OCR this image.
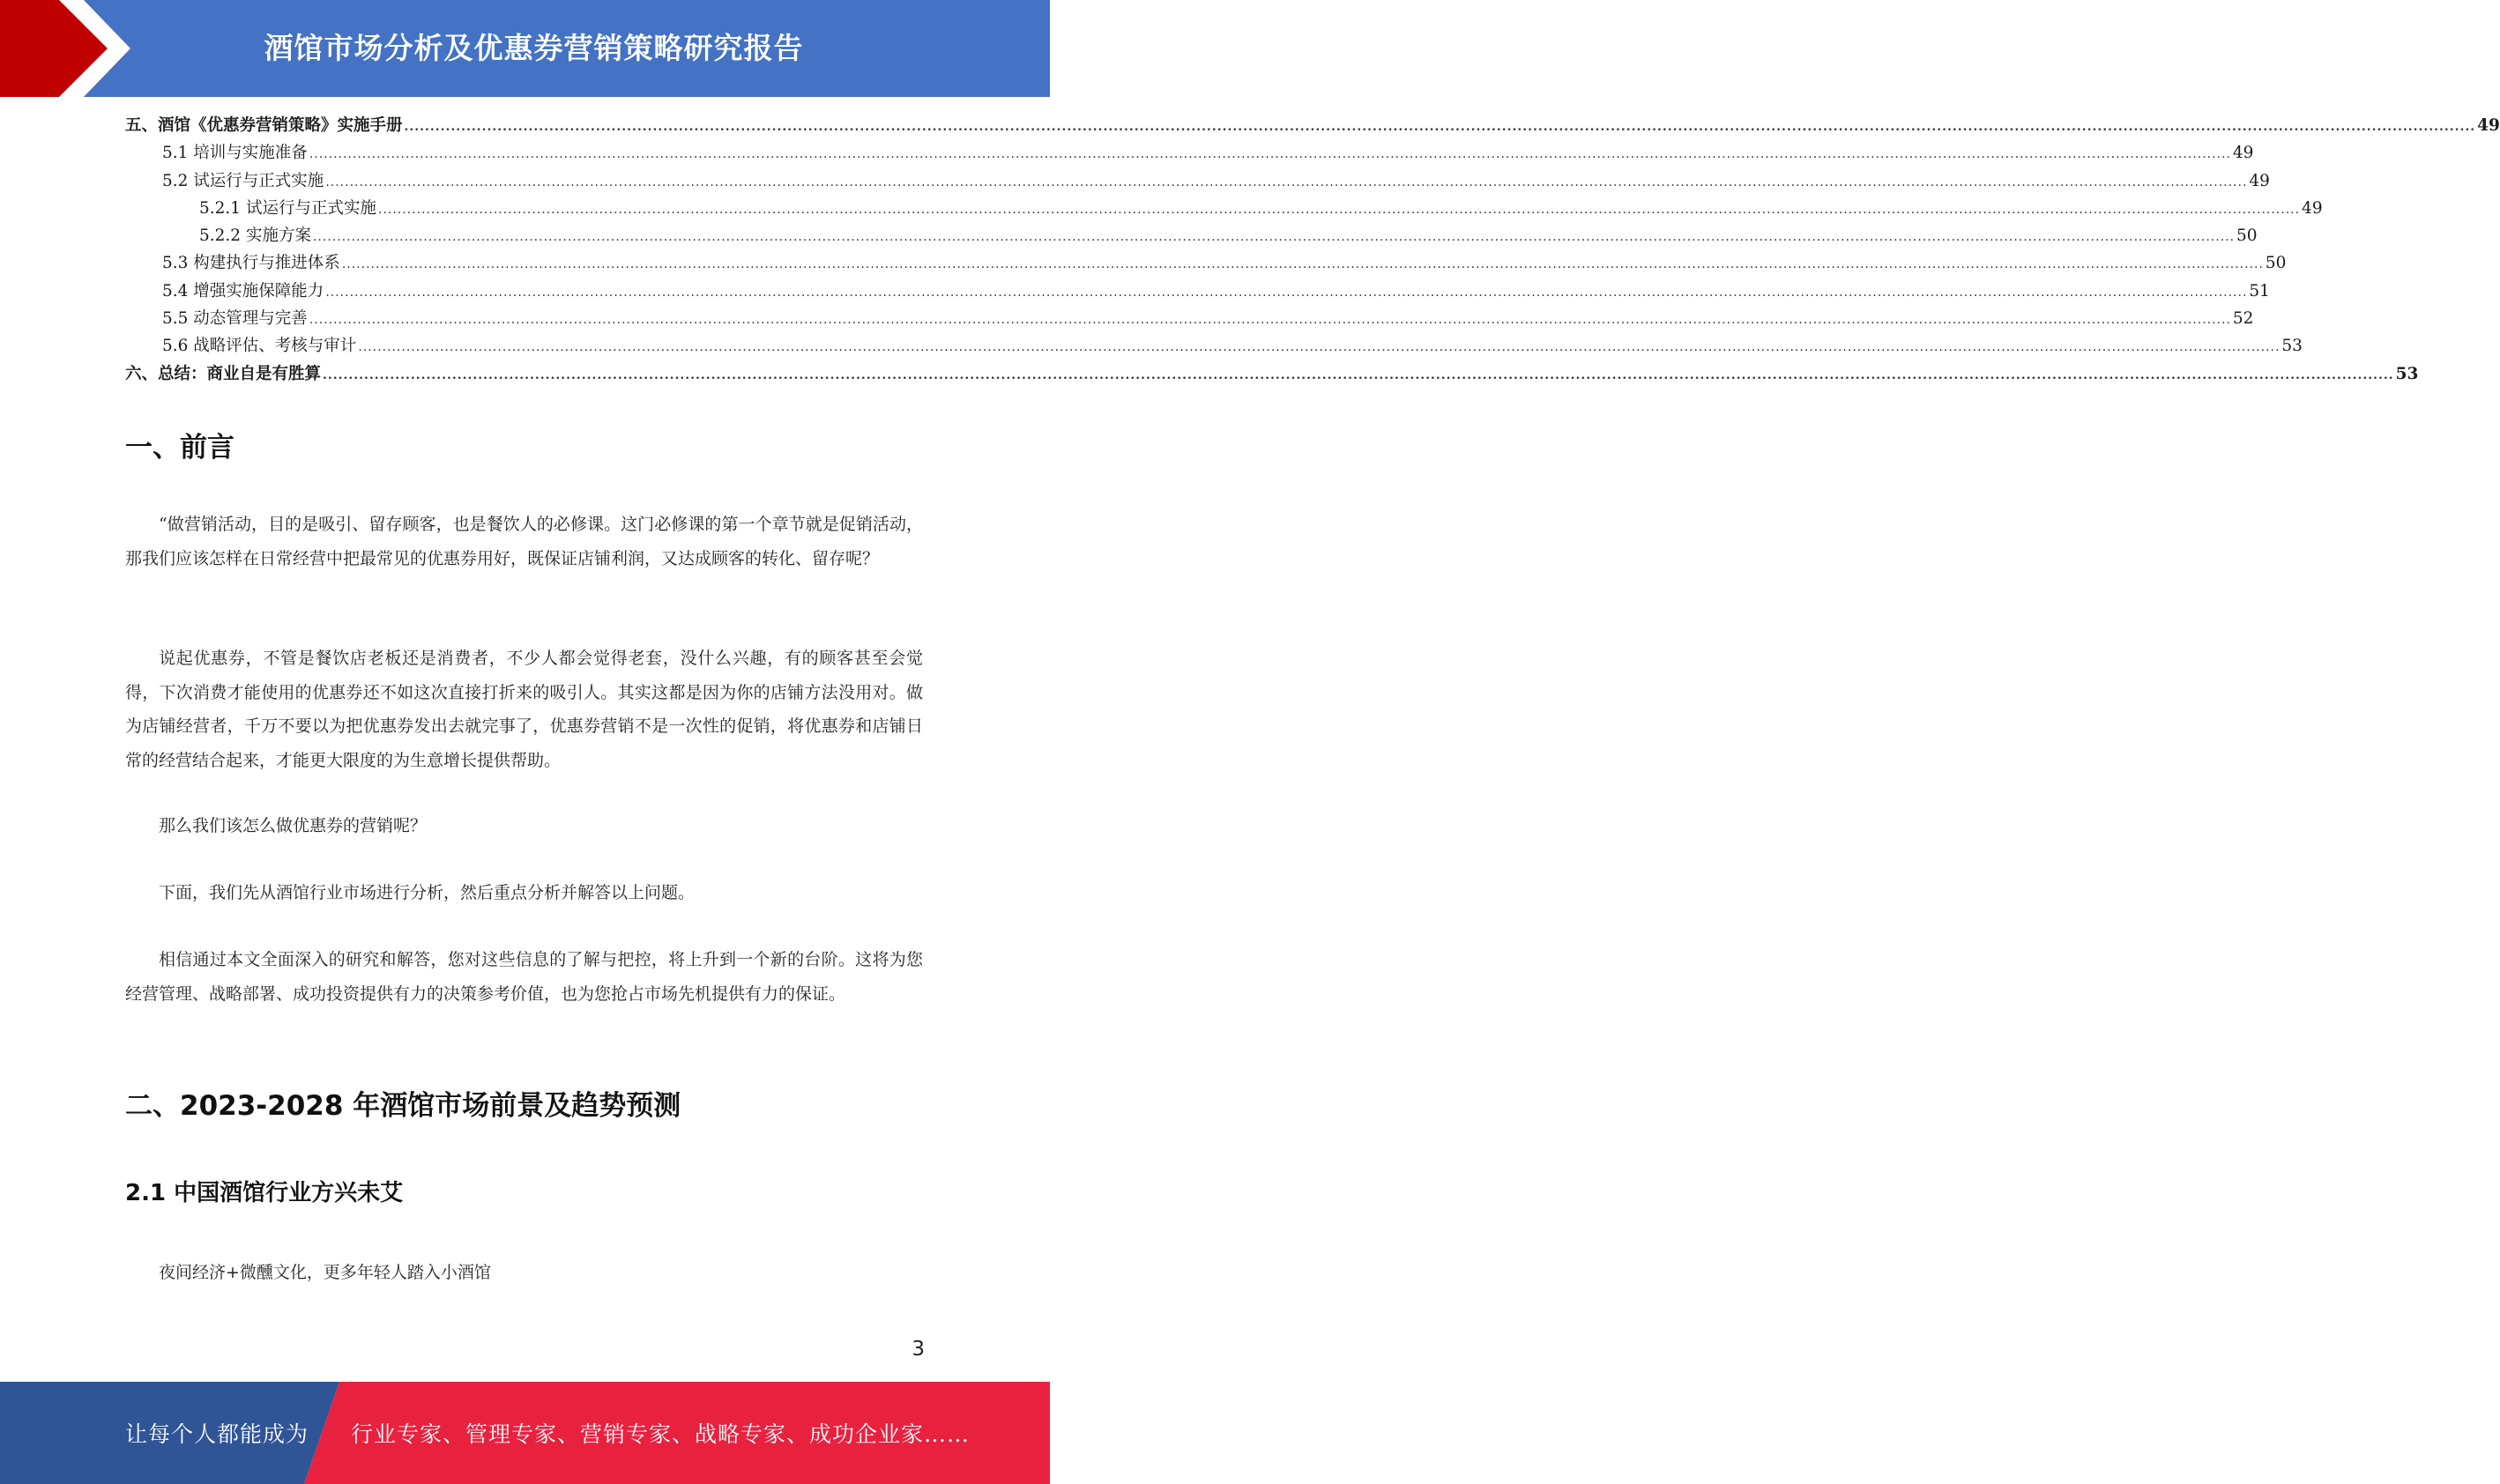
酒馆市场分析及优惠券营销策略研究报告
五、酒馆《优惠券营销策略》实施手册 ................................................................................................................................................................................................................................................................................................................................................................................................................ 49
5.1 培训与实施准备 ................................................................................................................................................................................................................................................................................................................................................................................................................ 49
5.2 试运行与正式实施 ................................................................................................................................................................................................................................................................................................................................................................................................................ 49
5.2.1 试运行与正式实施 ................................................................................................................................................................................................................................................................................................................................................................................................................ 49
5.2.2 实施方案 ................................................................................................................................................................................................................................................................................................................................................................................................................ 50
5.3 构建执行与推进体系 ................................................................................................................................................................................................................................................................................................................................................................................................................ 50
5.4 增强实施保障能力 ................................................................................................................................................................................................................................................................................................................................................................................................................ 51
5.5 动态管理与完善 ................................................................................................................................................................................................................................................................................................................................................................................................................ 52
5.6 战略评估、考核与审计 ................................................................................................................................................................................................................................................................................................................................................................................................................ 53
六、总结：商业自是有胜算 ................................................................................................................................................................................................................................................................................................................................................................................................................ 53
一、前言
“做营销活动，目的是吸引、留存顾客，也是餐饮人的必修课。这门必修课的第一个章节就是促销活动，那我们应该怎样在日常经营中把最常见的优惠券用好，既保证店铺利润，又达成顾客的转化、留存呢？
说起优惠券，不管是餐饮店老板还是消费者，不少人都会觉得老套，没什么兴趣，有的顾客甚至会觉得，下次消费才能使用的优惠券还不如这次直接打折来的吸引人。其实这都是因为你的店铺方法没用对。做为店铺经营者，千万不要以为把优惠券发出去就完事了，优惠券营销不是一次性的促销，将优惠券和店铺日常的经营结合起来，才能更大限度的为生意增长提供帮助。
那么我们该怎么做优惠券的营销呢？
下面，我们先从酒馆行业市场进行分析，然后重点分析并解答以上问题。
相信通过本文全面深入的研究和解答，您对这些信息的了解与把控，将上升到一个新的台阶。这将为您经营管理、战略部署、成功投资提供有力的决策参考价值，也为您抢占市场先机提供有力的保证。
二、2023-2028 年酒馆市场前景及趋势预测
2.1 中国酒馆行业方兴未艾
夜间经济+微醺文化，更多年轻人踏入小酒馆
3
让每个人都能成为 行业专家、管理专家、营销专家、战略专家、成功企业家……
